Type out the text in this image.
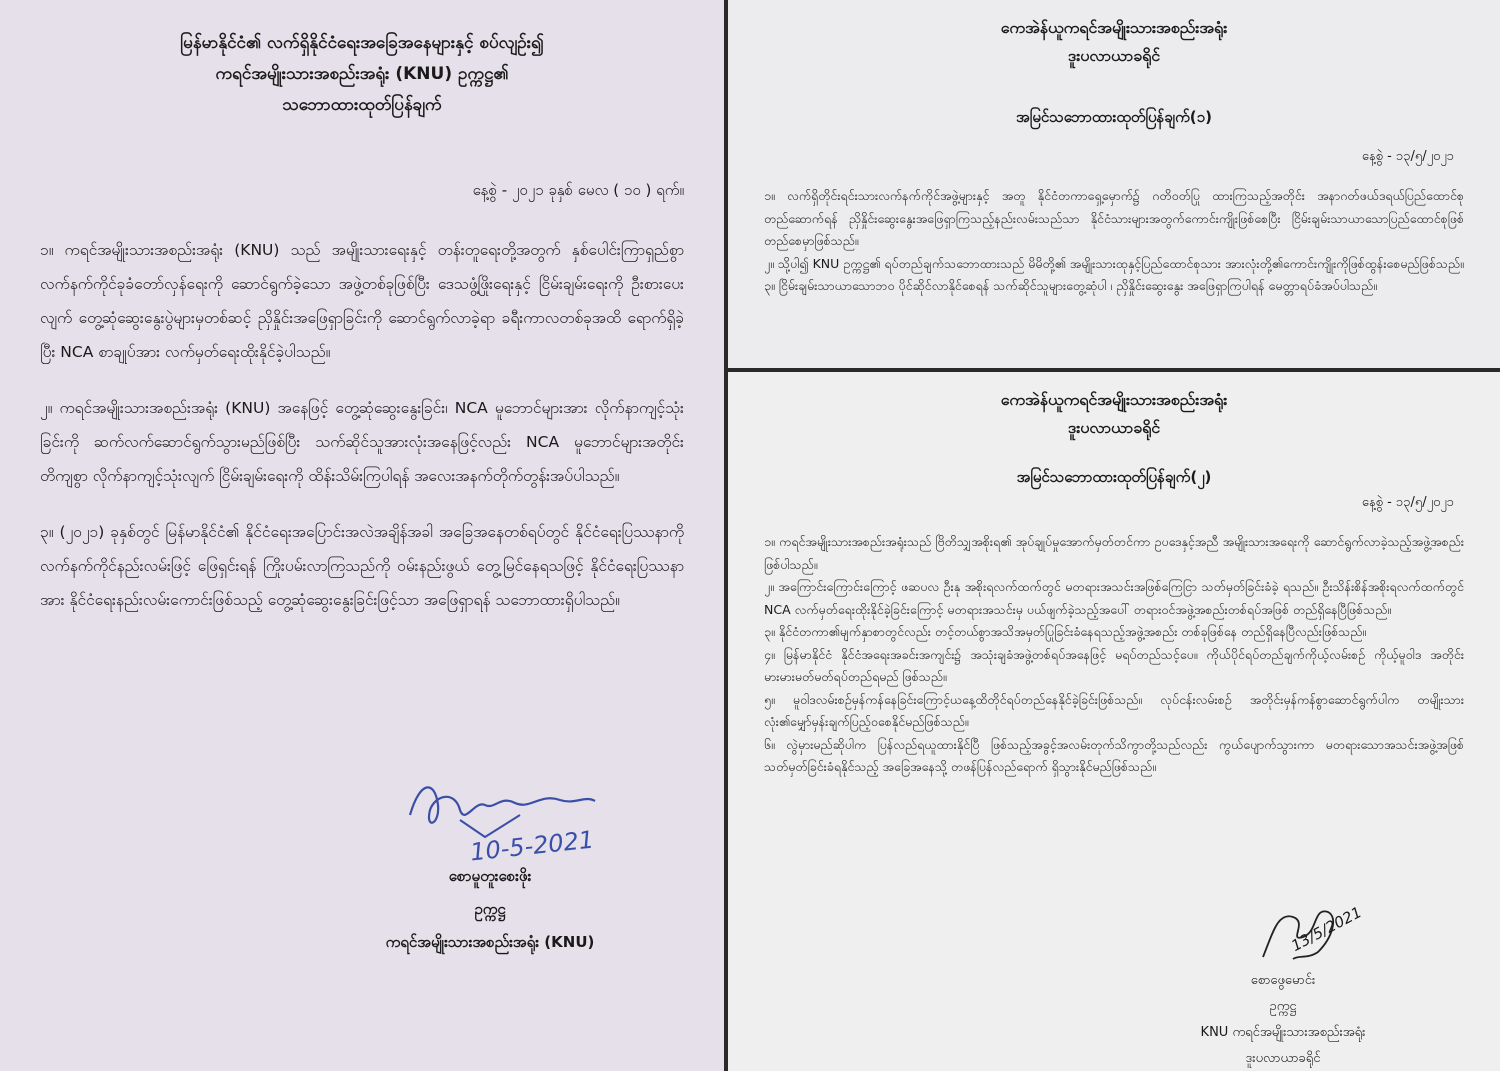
မြန်မာနိုင်ငံ၏ လက်ရှိနိုင်ငံရေးအခြေအနေများနှင့် စပ်လျဉ်း၍
ကရင်အမျိုးသားအစည်းအရုံး (KNU) ဥက္ကဋ္ဌ၏
သဘောထားထုတ်ပြန်ချက်
နေ့စွဲ - ၂၀၂၁ ခုနှစ် မေလ ( ၁၀ ) ရက်။

၁။ ကရင်အမျိုးသားအစည်းအရုံး (KNU) သည် အမျိုးသားရေးနှင့် တန်းတူရေးတို့အတွက် နှစ်ပေါင်းကြာရှည်စွာ လက်နက်ကိုင်ခုခံတော်လှန်ရေးကို ဆောင်ရွက်ခဲ့သော အဖွဲ့တစ်ခုဖြစ်ပြီး ဒေသဖွံ့ဖြိုးရေးနှင့် ငြိမ်းချမ်းရေးကို ဦးစားပေးလျက် တွေ့ဆုံဆွေးနွေးပွဲများမှတစ်ဆင့် ညှိနှိုင်းအဖြေရှာခြင်းကို ဆောင်ရွက်လာခဲ့ရာ ခရီးကာလတစ်ခုအထိ ရောက်ရှိခဲ့ပြီး NCA စာချုပ်အား လက်မှတ်ရေးထိုးနိုင်ခဲ့ပါသည်။

၂။ ကရင်အမျိုးသားအစည်းအရုံး (KNU) အနေဖြင့် တွေ့ဆုံဆွေးနွေးခြင်း၊ NCA မူဘောင်များအား လိုက်နာကျင့်သုံး ခြင်းကို ဆက်လက်ဆောင်ရွက်သွားမည်ဖြစ်ပြီး သက်ဆိုင်သူအားလုံးအနေဖြင့်လည်း NCA မူဘောင်များအတိုင်း တိကျစွာ လိုက်နာကျင့်သုံးလျက် ငြိမ်းချမ်းရေးကို ထိန်းသိမ်းကြပါရန် အလေးအနက်တိုက်တွန်းအပ်ပါသည်။

၃။ (၂၀၂၁) ခုနှစ်တွင် မြန်မာနိုင်ငံ၏ နိုင်ငံရေးအပြောင်းအလဲအချိန်အခါ အခြေအနေတစ်ရပ်တွင် နိုင်ငံရေးပြဿနာကို လက်နက်ကိုင်နည်းလမ်းဖြင့် ဖြေရှင်းရန် ကြိုးပမ်းလာကြသည်ကို ဝမ်းနည်းဖွယ် တွေ့မြင်နေရသဖြင့် နိုင်ငံရေးပြဿနာအား နိုင်ငံရေးနည်းလမ်းကောင်းဖြစ်သည့် တွေ့ဆုံဆွေးနွေးခြင်းဖြင့်သာ အဖြေရှာရန် သဘောထားရှိပါသည်။

10-5-2021
စောမူတူးစေးဖိုး
ဥက္ကဋ္ဌ
ကရင်အမျိုးသားအစည်းအရုံး (KNU)
ကေအဲန်ယူကရင်အမျိုးသားအစည်းအရုံး
ဒူးပလာယာခရိုင်
အမြင်သဘောထားထုတ်ပြန်ချက်(၁)
နေ့စွဲ - ၁၃/၅/၂၀၂၁

၁။ လက်ရှိတိုင်းရင်းသားလက်နက်ကိုင်အဖွဲ့များနှင့် အတူ နိုင်ငံတကာရှေ့မှောက်၌ ဂတိဝတ်ပြု ထားကြသည့်အတိုင်း အနာဂတ်ဖယ်ဒရယ်ပြည်ထောင်စုတည်ဆောက်ရန် ညှိနှိုင်းဆွေးနွေးအဖြေရှာကြသည့်နည်းလမ်းသည်သာ နိုင်ငံသားများအတွက်ကောင်းကျိုးဖြစ်စေပြီး ငြိမ်းချမ်းသာယာသောပြည်ထောင်စုဖြစ်တည်စေမှာဖြစ်သည်။

၂။ သို့ပါ၍ KNU ဥက္ကဋ္ဌ၏ ရပ်တည်ချက်သဘောထားသည် မိမိတို့၏ အမျိုးသားထုနှင့်ပြည်ထောင်စုသား အားလုံးတို့၏ကောင်းကျိုးကိုဖြစ်ထွန်းစေမည်ဖြစ်သည်။

၃။ ငြိမ်းချမ်းသာယာသောဘဝ ပိုင်ဆိုင်လာနိုင်စေရန် သက်ဆိုင်သူများတွေ့ဆုံပါ ၊ ညှိနှိုင်းဆွေးနွေး အဖြေရှာကြပါရန် မေတ္တာရပ်ခံအပ်ပါသည်။

ကေအဲန်ယူကရင်အမျိုးသားအစည်းအရုံး
ဒူးပလာယာခရိုင်
အမြင်သဘောထားထုတ်ပြန်ချက်(၂)
နေ့စွဲ - ၁၃/၅/၂၀၂၁

၁။ ကရင်အမျိုးသားအစည်းအရုံးသည် ဗြိတိသျှအစိုးရ၏ အုပ်ချုပ်မှုအောက်မှတ်တင်ကာ ဥပဒေနှင့်အညီ အမျိုးသားအရေးကို ဆောင်ရွက်လာခဲ့သည့်အဖွဲ့အစည်းဖြစ်ပါသည်။

၂။ အကြောင်းကြောင်းကြောင့် ဖဆပလ ဦးနု အစိုးရလက်ထက်တွင် မတရားအသင်းအဖြစ်ကြေငြာ သတ်မှတ်ခြင်းခံခဲ့ ရသည်။ ဦးသိန်းစိန်အစိုးရလက်ထက်တွင် NCA လက်မှတ်ရေးထိုးနိုင်ခဲ့ခြင်းကြောင့် မတရားအသင်းမှ ပယ်ဖျက်ခဲ့သည့်အပေါ် တရားဝင်အဖွဲ့အစည်းတစ်ရပ်အဖြစ် တည်ရှိနေပြီဖြစ်သည်။

၃။ နိုင်ငံတကာ၏မျက်နှာစာတွင်လည်း တင့်တယ်စွာအသိအမှတ်ပြုခြင်းခံနေရသည့်အဖွဲ့အစည်း တစ်ခုဖြစ်နေ တည်ရှိနေပြီလည်းဖြစ်သည်။

၄။ မြန်မာနိုင်ငံ နိုင်ငံအရေးအခင်းအကျင်း၌ အသုံးချခံအဖွဲ့တစ်ရပ်အနေဖြင့် မရပ်တည်သင့်ပေ။ ကိုယ်ပိုင်ရပ်တည်ချက်ကိုယ့်လမ်းစဉ် ကိုယ့်မူဝါဒ အတိုင်းမားမားမတ်မတ်ရပ်တည်ရမည် ဖြစ်သည်။

၅။ မူဝါဒလမ်းစဉ်မှန်ကန်နေခြင်းကြောင့်ယနေ့ထိတိုင်ရပ်တည်နေနိုင်ခဲ့ခြင်းဖြစ်သည်။ လုပ်ငန်းလမ်းစဉ် အတိုင်းမှန်ကန်စွာဆောင်ရွက်ပါက တမျိုးသားလုံး၏မျှော်မှန်းချက်ပြည့်ဝစေနိုင်မည်ဖြစ်သည်။

၆။ လွဲမှားမည်ဆိုပါက ပြန်လည်ရယူထားနိုင်ပြီ ဖြစ်သည့်အခွင့်အလမ်းတုက်သိကွာတို့သည်လည်း ကွယ်ပျောက်သွားကာ မတရားသောအသင်းအဖွဲ့အဖြစ် သတ်မှတ်ခြင်းခံရနိုင်သည့် အခြေအနေသို့ တဖန်ပြန်လည်ရောက် ရှိသွားနိုင်မည်ဖြစ်သည်။

13/5/2021
စောဖွေမောင်း
ဥက္ကဋ္ဌ
KNU ကရင်အမျိုးသားအစည်းအရုံး
ဒူးပလာယာခရိုင်
